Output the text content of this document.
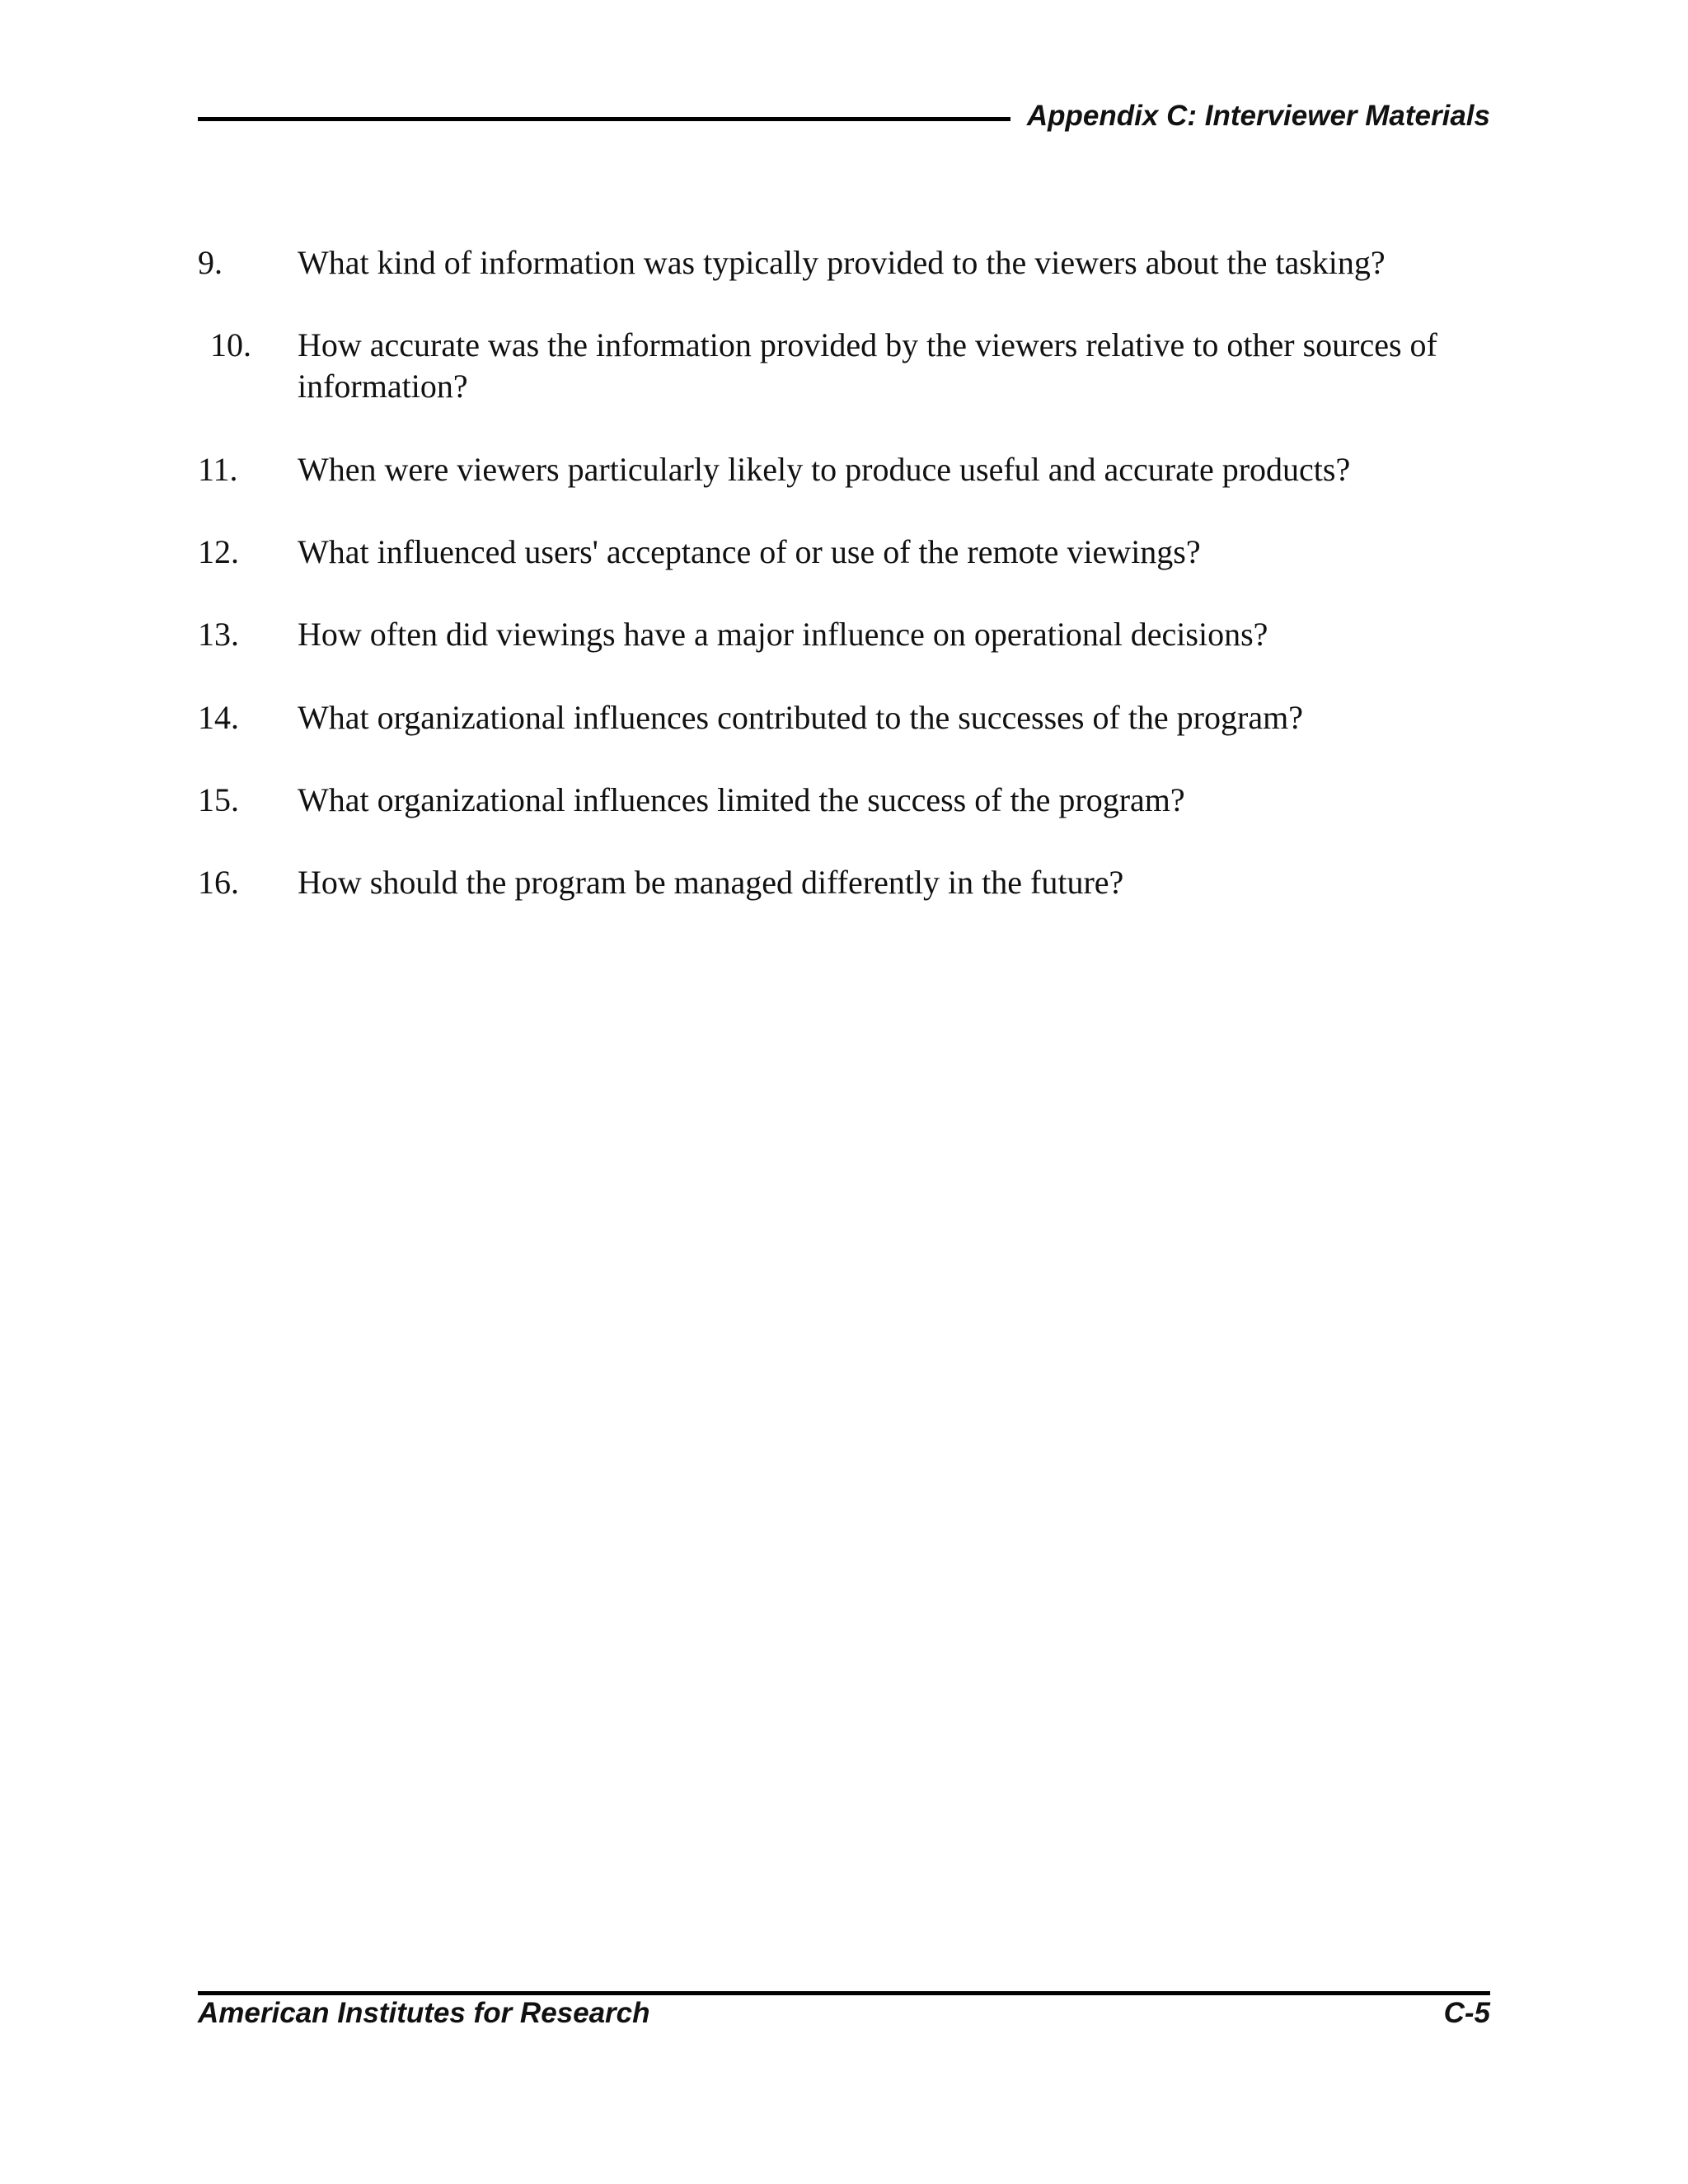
Appendix C: Interviewer Materials
9. What kind of information was typically provided to the viewers about the tasking?
10. How accurate was the information provided by the viewers relative to other sources of information?
11. When were viewers particularly likely to produce useful and accurate products?
12. What influenced users' acceptance of or use of the remote viewings?
13. How often did viewings have a major influence on operational decisions?
14. What organizational influences contributed to the successes of the program?
15. What organizational influences limited the success of the program?
16. How should the program be managed differently in the future?
American Institutes for Research	C-5
